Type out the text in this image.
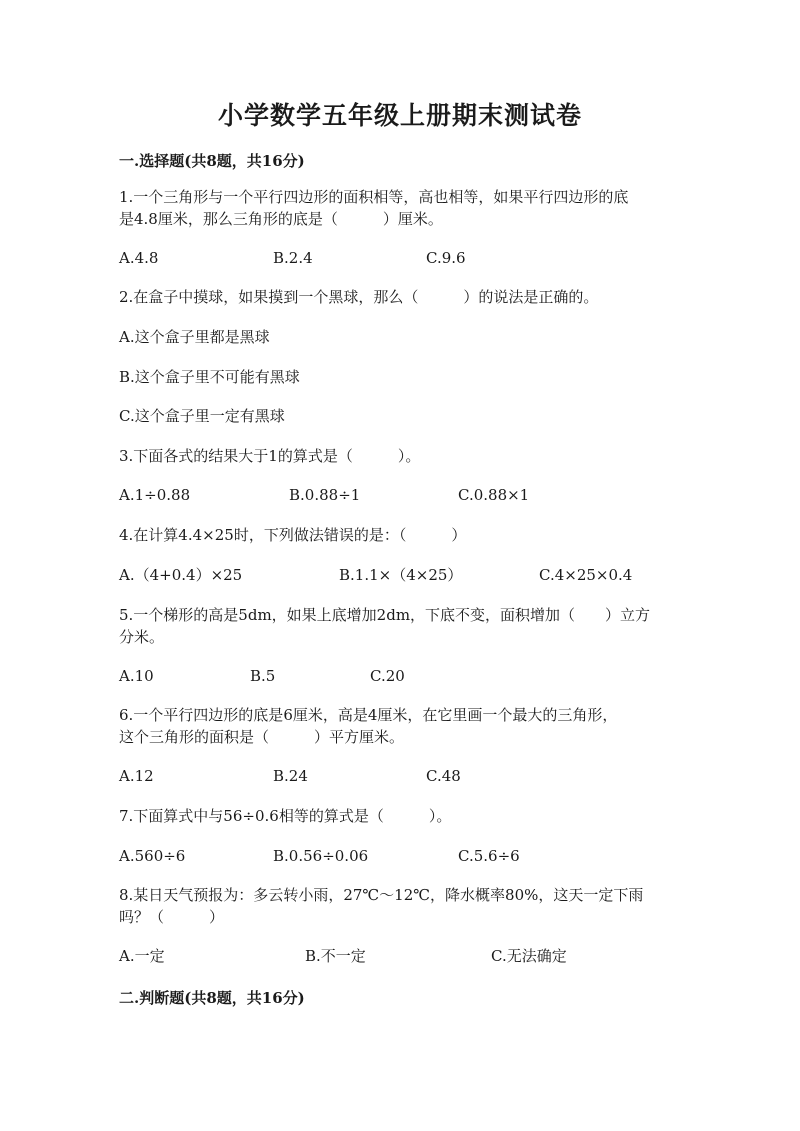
小学数学五年级上册期末测试卷
一.选择题(共8题，共16分)
1.一个三角形与一个平行四边形的面积相等，高也相等，如果平行四边形的底
是4.8厘米，那么三角形的底是（　　　）厘米。
A.4.8	B.2.4	C.9.6
2.在盒子中摸球，如果摸到一个黑球，那么（　　　）的说法是正确的。
A.这个盒子里都是黑球
B.这个盒子里不可能有黑球
C.这个盒子里一定有黑球
3.下面各式的结果大于1的算式是（　　　）。
A.1÷0.88	B.0.88÷1	C.0.88×1
4.在计算4.4×25时，下列做法错误的是：（　　　）
A.（4+0.4）×25	B.1.1×（4×25）	C.4×25×0.4
5.一个梯形的高是5dm，如果上底增加2dm，下底不变，面积增加（　　）立方
分米。
A.10	B.5	C.20
6.一个平行四边形的底是6厘米，高是4厘米，在它里画一个最大的三角形，
这个三角形的面积是（　　　）平方厘米。
A.12	B.24	C.48
7.下面算式中与56÷0.6相等的算式是（　　　）。
A.560÷6	B.0.56÷0.06	C.5.6÷6
8.某日天气预报为：多云转小雨，27℃～12℃，降水概率80%，这天一定下雨
吗？（　　　）
A.一定	B.不一定	C.无法确定
二.判断题(共8题，共16分)
